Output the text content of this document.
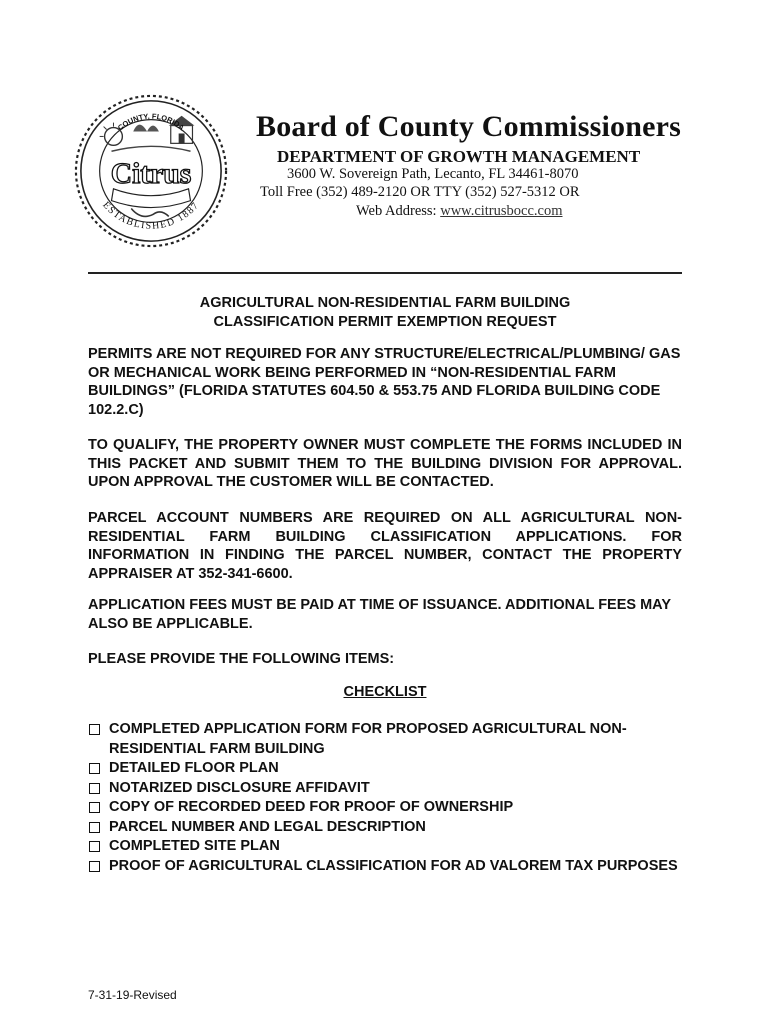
Citrus
COUNTY, FLORIDA
ESTABLISHED 1887
Board of County Commissioners
DEPARTMENT OF GROWTH MANAGEMENT
3600 W. Sovereign Path, Lecanto, FL 34461-8070
Toll Free (352) 489-2120 OR TTY (352) 527-5312 OR
Web Address: www.citrusbocc.com
AGRICULTURAL NON-RESIDENTIAL FARM BUILDING
CLASSIFICATION PERMIT EXEMPTION REQUEST
PERMITS ARE NOT REQUIRED FOR ANY STRUCTURE/ELECTRICAL/PLUMBING/ GAS OR MECHANICAL WORK BEING PERFORMED IN “NON-RESIDENTIAL FARM BUILDINGS” (FLORIDA STATUTES 604.50 & 553.75 AND FLORIDA BUILDING CODE 102.2.C)
TO QUALIFY, THE PROPERTY OWNER MUST COMPLETE THE FORMS INCLUDED IN THIS PACKET AND SUBMIT THEM TO THE BUILDING DIVISION FOR APPROVAL. UPON APPROVAL THE CUSTOMER WILL BE CONTACTED.
PARCEL ACCOUNT NUMBERS ARE REQUIRED ON ALL AGRICULTURAL NON-RESIDENTIAL FARM BUILDING CLASSIFICATION APPLICATIONS. FOR INFORMATION IN FINDING THE PARCEL NUMBER, CONTACT THE PROPERTY APPRAISER AT 352-341-6600.
APPLICATION FEES MUST BE PAID AT TIME OF ISSUANCE. ADDITIONAL FEES MAY ALSO BE APPLICABLE.
PLEASE PROVIDE THE FOLLOWING ITEMS:
CHECKLIST
COMPLETED APPLICATION FORM FOR PROPOSED AGRICULTURAL NON-RESIDENTIAL FARM BUILDING
DETAILED FLOOR PLAN
NOTARIZED DISCLOSURE AFFIDAVIT
COPY OF RECORDED DEED FOR PROOF OF OWNERSHIP
PARCEL NUMBER AND LEGAL DESCRIPTION
COMPLETED SITE PLAN
PROOF OF AGRICULTURAL CLASSIFICATION FOR AD VALOREM TAX PURPOSES
7-31-19-Revised
